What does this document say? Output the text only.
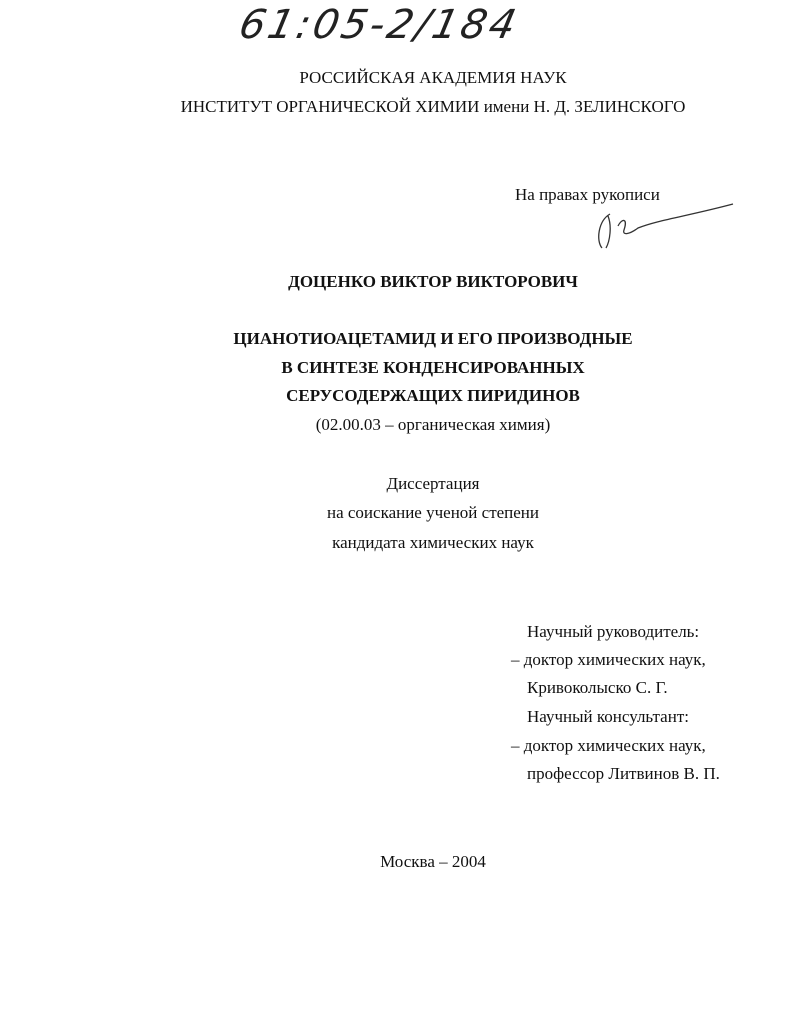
61:05-2/184
РОССИЙСКАЯ АКАДЕМИЯ НАУК
ИНСТИТУТ ОРГАНИЧЕСКОЙ ХИМИИ имени Н. Д. ЗЕЛИНСКОГО
На правах рукописи
ДОЦЕНКО ВИКТОР ВИКТОРОВИЧ
ЦИАНОТИОАЦЕТАМИД И ЕГО ПРОИЗВОДНЫЕ
В СИНТЕЗЕ КОНДЕНСИРОВАННЫХ
СЕРУСОДЕРЖАЩИХ ПИРИДИНОВ
(02.00.03 – органическая химия)
Диссертация
на соискание ученой степени
кандидата химических наук
Научный руководитель:
– доктор химических наук,
Кривоколыско С. Г.
Научный консультант:
– доктор химических наук,
профессор Литвинов В. П.
Москва – 2004
